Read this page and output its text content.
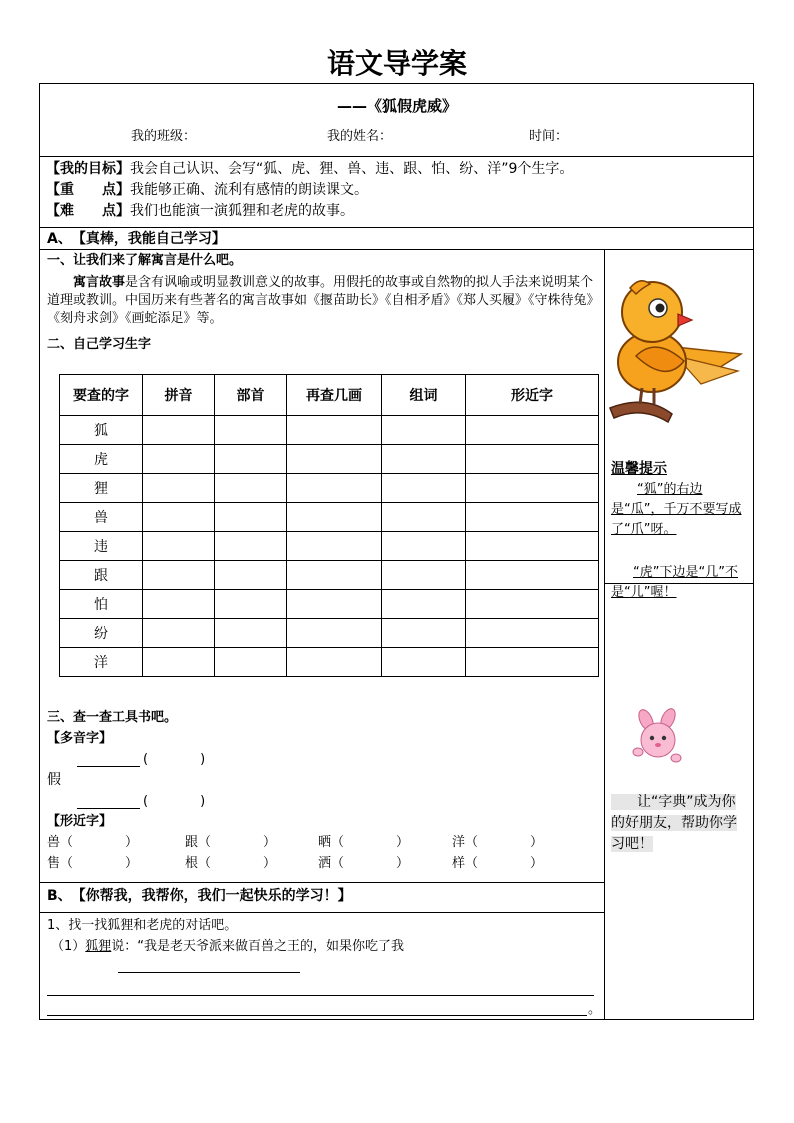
语文导学案
——《狐假虎威》
我的班级：	我的姓名：	时间：
【我的目标】我会自己认识、会写“狐、虎、狸、兽、违、跟、怕、纷、洋”9个生字。
【重　　点】我能够正确、流利有感情的朗读课文。
【难　　点】我们也能演一演狐狸和老虎的故事。
A、　【真棒，我能自己学习】
一、让我们来了解寓言是什么吧。
寓言故事是含有讽喻或明显教训意义的故事。用假托的故事或自然物的拟人手法来说明某个道理或教训。中国历来有些著名的寓言故事如《揠苗助长》《自相矛盾》《郑人买履》《守株待兔》《刻舟求剑》《画蛇添足》等。
二、自己学习生字
要查的字	拼音	部首	再查几画	组词	形近字
狐					
虎					
狸					
兽					
违					
跟					
怕					
纷					
洋					
三、查一查工具书吧。
【多音字】
(　　　　)
假
(　　　　)
【形近字】
兽（　　　　）	跟（　　　　）	晒（　　　　）	洋（　　　　）
售（　　　　）	根（　　　　）	洒（　　　　）	样（　　　　）
B、　【你帮我，我帮你，我们一起快乐的学习！】
1、找一找狐狸和老虎的对话吧。
（1）狐狸说：“我是老天爷派来做百兽之王的，如果你吃了我
。
温馨提示
“狐”的右边是“瓜”，千万不要写成了“爪”呀。
“虎”下边是“几”不是“儿”喔！
让“字典”成为你的好朋友，帮助你学习吧！
